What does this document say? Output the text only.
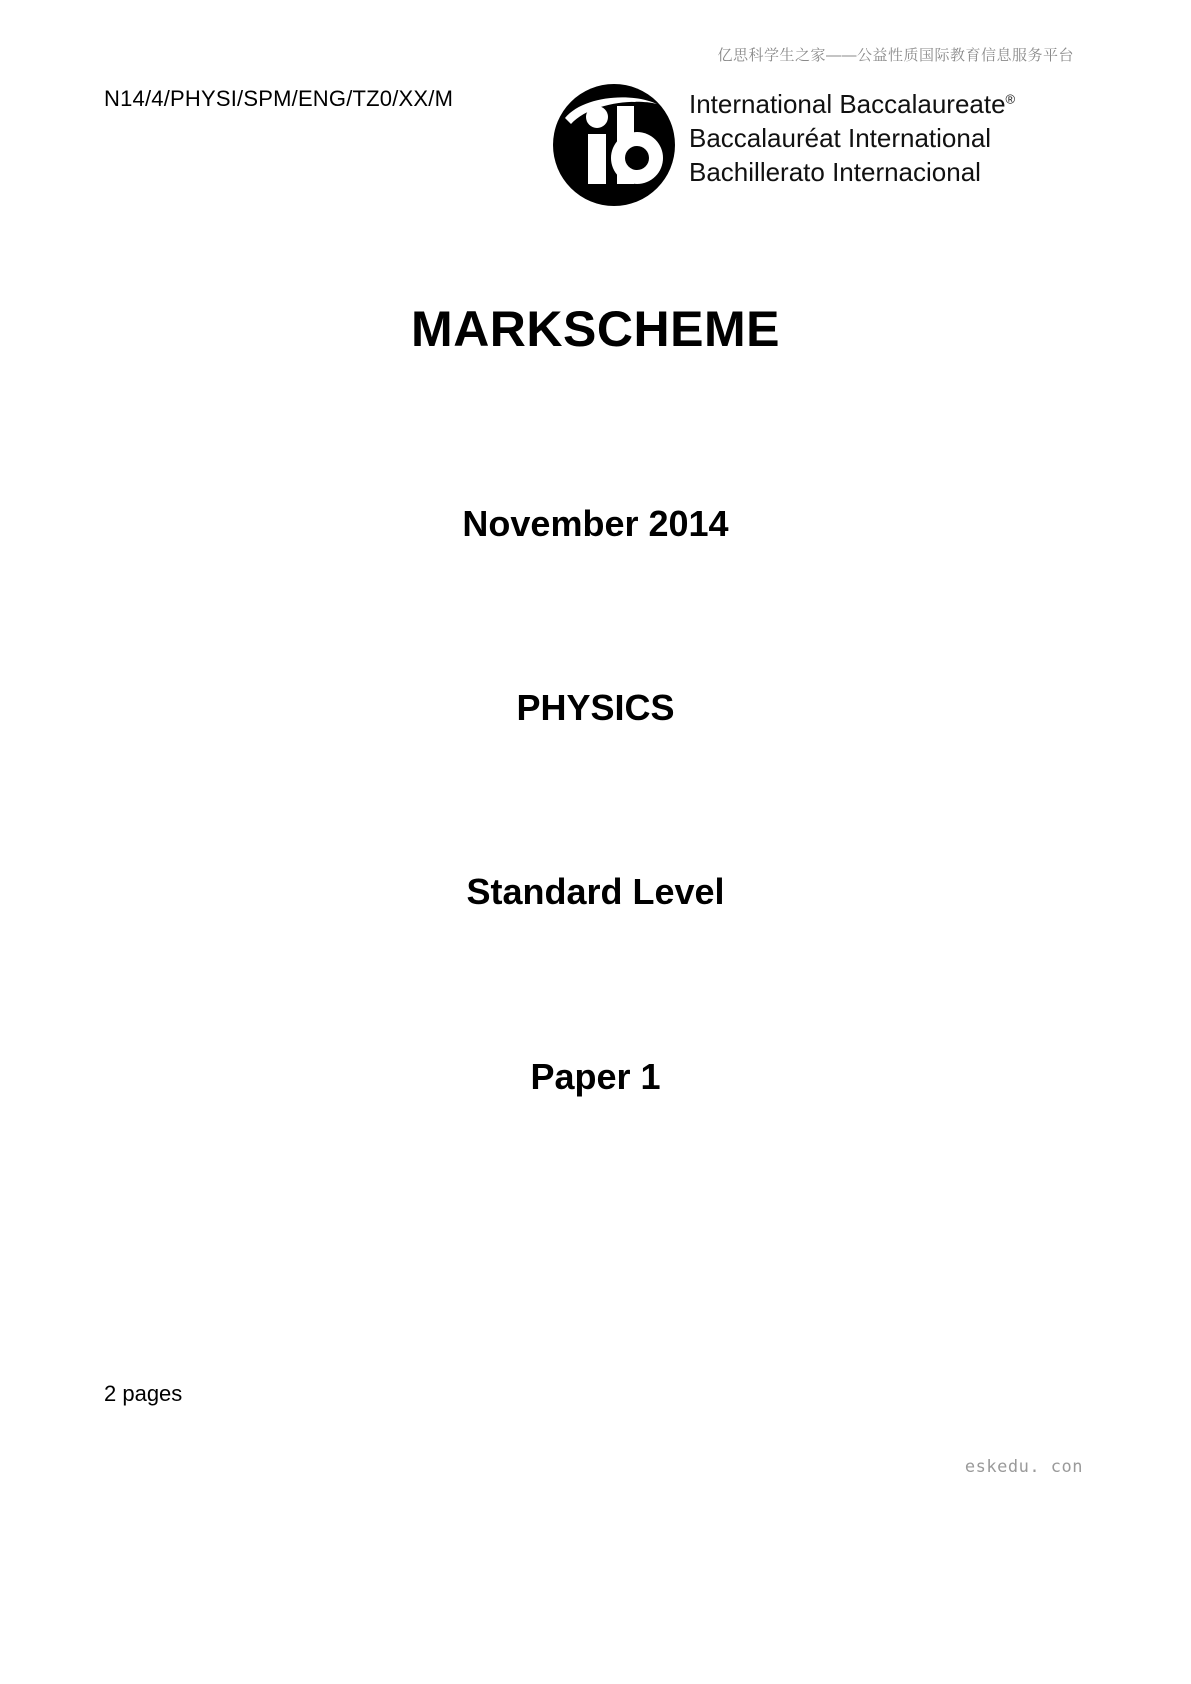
亿思科学生之家——公益性质国际教育信息服务平台
N14/4/PHYSI/SPM/ENG/TZ0/XX/M	International Baccalaureate®
Baccalauréat International
Bachillerato Internacional
MARKSCHEME
November 2014
PHYSICS
Standard Level
Paper 1
2 pages
eskedu. con
